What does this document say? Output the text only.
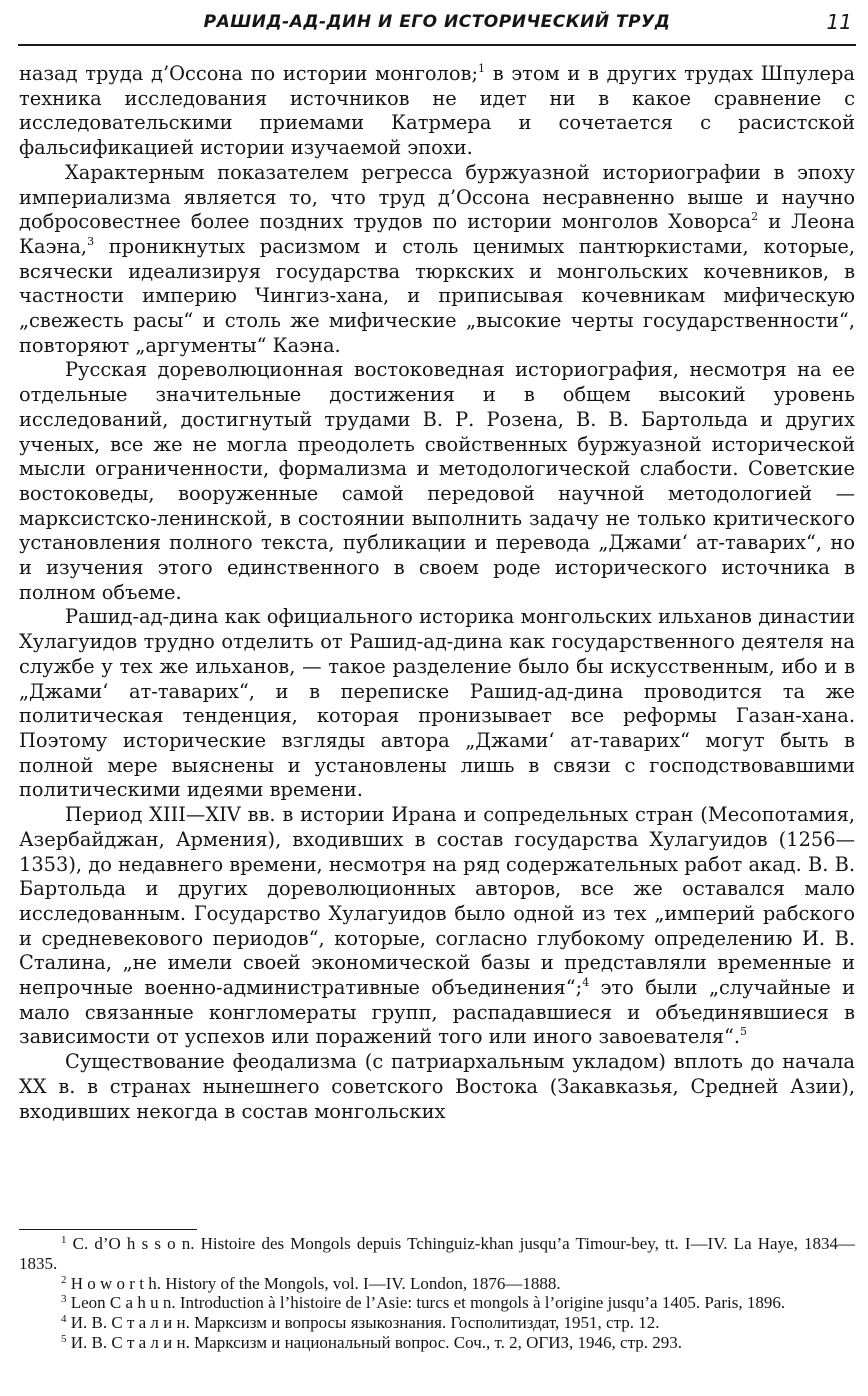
РАШИД-АД-ДИН И ЕГО ИСТОРИЧЕСКИЙ ТРУД	11

назад труда д’Оссона по истории монголов;$^1$ в этом и в других трудах Шпулера техника исследования источников не идет ни в какое сравнение с исследовательскими приемами Катрмера и сочетается с расистской фальсификацией истории изучаемой эпохи.

Характерным показателем регресса буржуазной историографии в эпоху империализма является то, что труд д’Оссона несравненно выше и научно добросовестнее более поздних трудов по истории монголов Ховорса$^2$ и Леона Каэна,$^3$ проникнутых расизмом и столь ценимых пантюркистами, которые, всячески идеализируя государства тюркских и монгольских кочевников, в частности империю Чингиз-хана, и приписывая кочевникам мифическую „свежесть расы“ и столь же мифические „высокие черты государственности“, повторяют „аргументы“ Каэна.

Русская дореволюционная востоковедная историография, несмотря на ее отдельные значительные достижения и в общем высокий уровень исследований, достигнутый трудами В. Р. Розена, В. В. Бартольда и других ученых, все же не могла преодолеть свойственных буржуазной исторической мысли ограниченности, формализма и методологической слабости. Советские востоковеды, вооруженные самой передовой научной методологией — марксистско-ленинской, в состоянии выполнить задачу не только критического установления полного текста, публикации и перевода „Джами‘ ат-таварих“, но и изучения этого единственного в своем роде исторического источника в полном объеме.

Рашид-ад-дина как официального историка монгольских ильханов династии Хулагуидов трудно отделить от Рашид-ад-дина как государственного деятеля на службе у тех же ильханов, — такое разделение было бы искусственным, ибо и в „Джами‘ ат-таварих“, и в переписке Рашид-ад-дина проводится та же политическая тенденция, которая пронизывает все реформы Газан-хана. Поэтому исторические взгляды автора „Джами‘ ат-таварих“ могут быть в полной мере выяснены и установлены лишь в связи с господствовавшими политическими идеями времени.

Период XIII—XIV вв. в истории Ирана и сопредельных стран (Месопотамия, Азербайджан, Армения), входивших в состав государства Хулагуидов (1256—1353), до недавнего времени, несмотря на ряд содержательных работ акад. В. В. Бартольда и других дореволюционных авторов, все же оставался мало исследованным. Государство Хулагуидов было одной из тех „империй рабского и средневекового периодов“, которые, согласно глубокому определению И. В. Сталина, „не имели своей экономической базы и представляли временные и непрочные военно-административные объединения“;$^4$ это были „случайные и мало связанные конгломераты групп, распадавшиеся и объединявшиеся в зависимости от успехов или поражений того или иного завоевателя“.$^5$

Существование феодализма (с патриархальным укладом) вплоть до начала XX в. в странах нынешнего советского Востока (Закавказья, Средней Азии), входивших некогда в состав монгольских

$^1$ C. d’O h s s o n. Histoire des Mongols depuis Tchinguiz-khan jusqu’a Timour-bey, tt. I—IV. La Haye, 1834—1835.

$^2$ H o w o r t h. History of the Mongols, vol. I—IV. London, 1876—1888.

$^3$ Leon C a h u n. Introduction à l’histoire de l’Asie: turcs et mongols à l’origine jusqu’a 1405. Paris, 1896.

$^4$ И. В. С т а л и н. Марксизм и вопросы языкознания. Госполитиздат, 1951, стр. 12.

$^5$ И. В. С т а л и н. Марксизм и национальный вопрос. Соч., т. 2, ОГИЗ, 1946, стр. 293.
